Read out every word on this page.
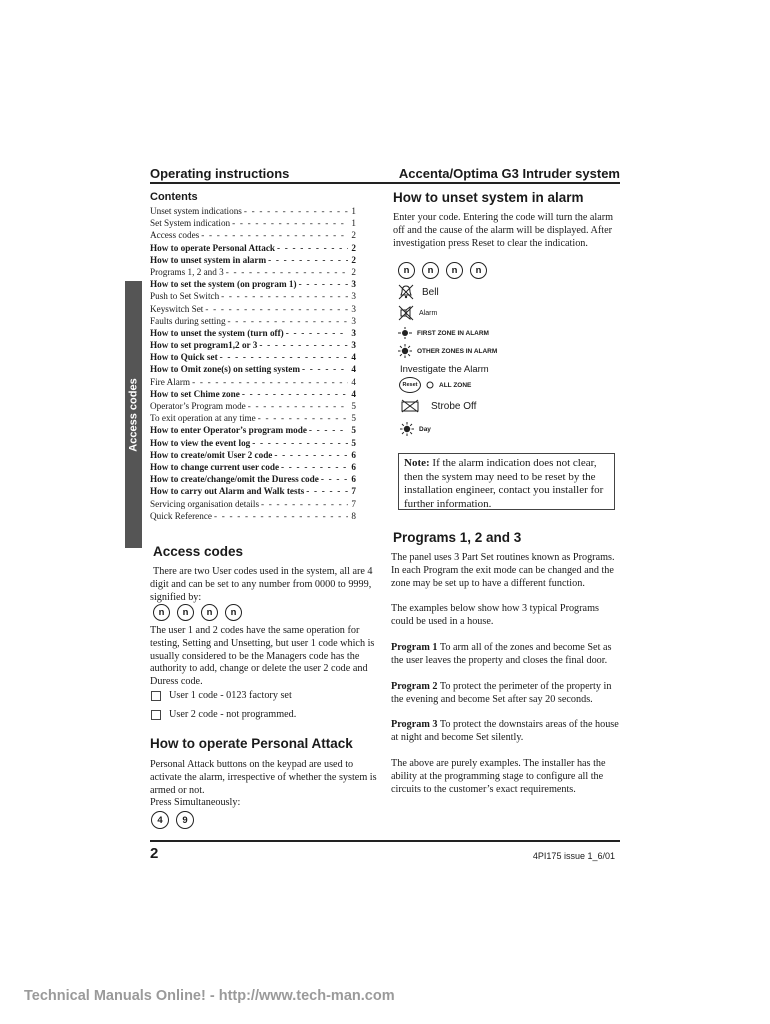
Operating instructions	Accenta/Optima G3 Intruder system
Access codes
Contents
Unset system indications - - -	1
Set System indication - - -	1
Access codes - - -	2
How to operate Personal Attack - - -	2
How to unset system in alarm - - -	2
Programs 1, 2 and 3 - - -	2
How to set the system (on program 1) - - -	3
Push to Set Switch - - -	3
Keyswitch Set - - -	3
Faults during setting - - -	3
How to unset the system (turn off) - - -	3
How to set program1,2 or 3 - - -	3
How to Quick set - - -	4
How to Omit zone(s) on setting system - - -	4
Fire Alarm - - -	4
How to set Chime zone - - -	4
Operator’s Program mode - - -	5
To exit operation at any time - - -	5
How to enter Operator’s program mode - - -	5
How to view the event log - - -	5
How to create/omit User 2 code - - -	6
How to change current user code - - -	6
How to create/change/omit the Duress code - - -	6
How to carry out Alarm and Walk tests - - -	7
Servicing organisation details - - -	7
Quick Reference - - -	8
Access codes
There are two User codes used in the system, all are 4 digit and can be set to any number from 0000 to 9999, signified by:
n	n	n	n
The user 1 and 2 codes have the same operation for testing, Setting and Unsetting, but user 1 code which is usually considered to be the Managers code has the authority to add, change or delete the user 2 code and Duress code.
User 1 code - 0123 factory set
User 2 code - not programmed.
How to operate Personal Attack
Personal Attack buttons on the keypad are used to activate the alarm, irrespective of whether the system is armed or not.
Press Simultaneously:
4	9
How to unset system in alarm
Enter your code. Entering the code will turn the alarm off and the cause of the alarm will be displayed. After investigation press Reset to clear the indication.
n	n	n	n
Bell
Alarm
FIRST ZONE IN ALARM
OTHER ZONES IN ALARM
Investigate the Alarm
Reset	ALL ZONE
Strobe Off
Day
Note: If the alarm indication does not clear, then the system may need to be reset by the installation engineer, contact you installer for further information.
Programs 1, 2 and 3
The panel uses 3 Part Set routines known as Programs. In each Program the exit mode can be changed and the zone may be set up to have a different function.
The examples below show how 3 typical Programs could be used in a house.
Program 1 To arm all of the zones and become Set as the user leaves the property and closes the final door.
Program 2 To protect the perimeter of the property in the evening and become Set after say 20 seconds.
Program 3 To protect the downstairs areas of the house at night and become Set silently.
The above are purely examples. The installer has the ability at the programming stage to configure all the circuits to the customer’s exact requirements.
2	4PI175 issue 1_6/01
Technical Manuals Online! - http://www.tech-man.com
